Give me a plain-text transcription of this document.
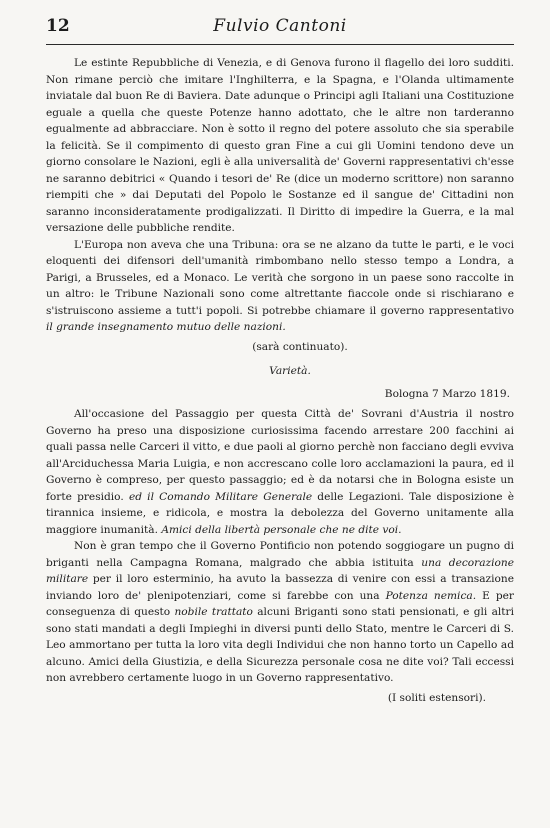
12	Fulvio Cantoni

Le estinte Repubbliche di Venezia, e di Genova furono il flagello dei loro sudditi. Non rimane perciò che imitare l'Inghilterra, e la Spagna, e l'Olanda ultimamente inviatale dal buon Re di Baviera. Date adunque o Principi agli Italiani una Costituzione eguale a quella che queste Potenze hanno adottato, che le altre non tarderanno egualmente ad abbracciare. Non è sotto il regno del potere assoluto che sia sperabile la felicità. Se il compimento di questo gran Fine a cui gli Uomini tendono deve un giorno consolare le Nazioni, egli è alla universalità de' Governi rappresentativi ch'esse ne saranno debitrici « Quando i tesori de' Re (dice un moderno scrittore) non saranno riempiti che » dai Deputati del Popolo le Sostanze ed il sangue de' Cittadini non saranno inconsideratamente prodigalizzati. Il Diritto di impedire la Guerra, e la mal versazione delle pubbliche rendite.

L'Europa non aveva che una Tribuna: ora se ne alzano da tutte le parti, e le voci eloquenti dei difensori dell'umanità rimbombano nello stesso tempo a Londra, a Parigi, a Brusseles, ed a Monaco. Le verità che sorgono in un paese sono raccolte in un altro: le Tribune Nazionali sono come altrettante fiaccole onde si rischiarano e s'istruiscono assieme a tutt'i popoli. Si potrebbe chiamare il governo rappresentativo il grande insegnamento mutuo delle nazioni.

(sarà continuato).
Varietà.
Bologna 7 Marzo 1819.

All'occasione del Passaggio per questa Città de' Sovrani d'Austria il nostro Governo ha preso una disposizione curiosissima facendo arrestare 200 facchini ai quali passa nelle Carceri il vitto, e due paoli al giorno perchè non facciano degli evviva all'Arciduchessa Maria Luigia, e non accrescano colle loro acclamazioni la paura, ed il Governo è compreso, per questo passaggio; ed è da notarsi che in Bologna esiste un forte presidio. ed il Comando Militare Generale delle Legazioni. Tale disposizione è tirannica insieme, e ridicola, e mostra la debolezza del Governo unitamente alla maggiore inumanità. Amici della libertà personale che ne dite voi.

Non è gran tempo che il Governo Pontificio non potendo soggiogare un pugno di briganti nella Campagna Romana, malgrado che abbia istituita una decorazione militare per il loro esterminio, ha avuto la bassezza di venire con essi a transazione inviando loro de' plenipotenziari, come si farebbe con una Potenza nemica. E per conseguenza di questo nobile trattato alcuni Briganti sono stati pensionati, e gli altri sono stati mandati a degli Impieghi in diversi punti dello Stato, mentre le Carceri di S. Leo ammortano per tutta la loro vita degli Individui che non hanno torto un Capello ad alcuno. Amici della Giustizia, e della Sicurezza personale cosa ne dite voi? Tali eccessi non avrebbero certamente luogo in un Governo rappresentativo.

(I soliti estensori).
